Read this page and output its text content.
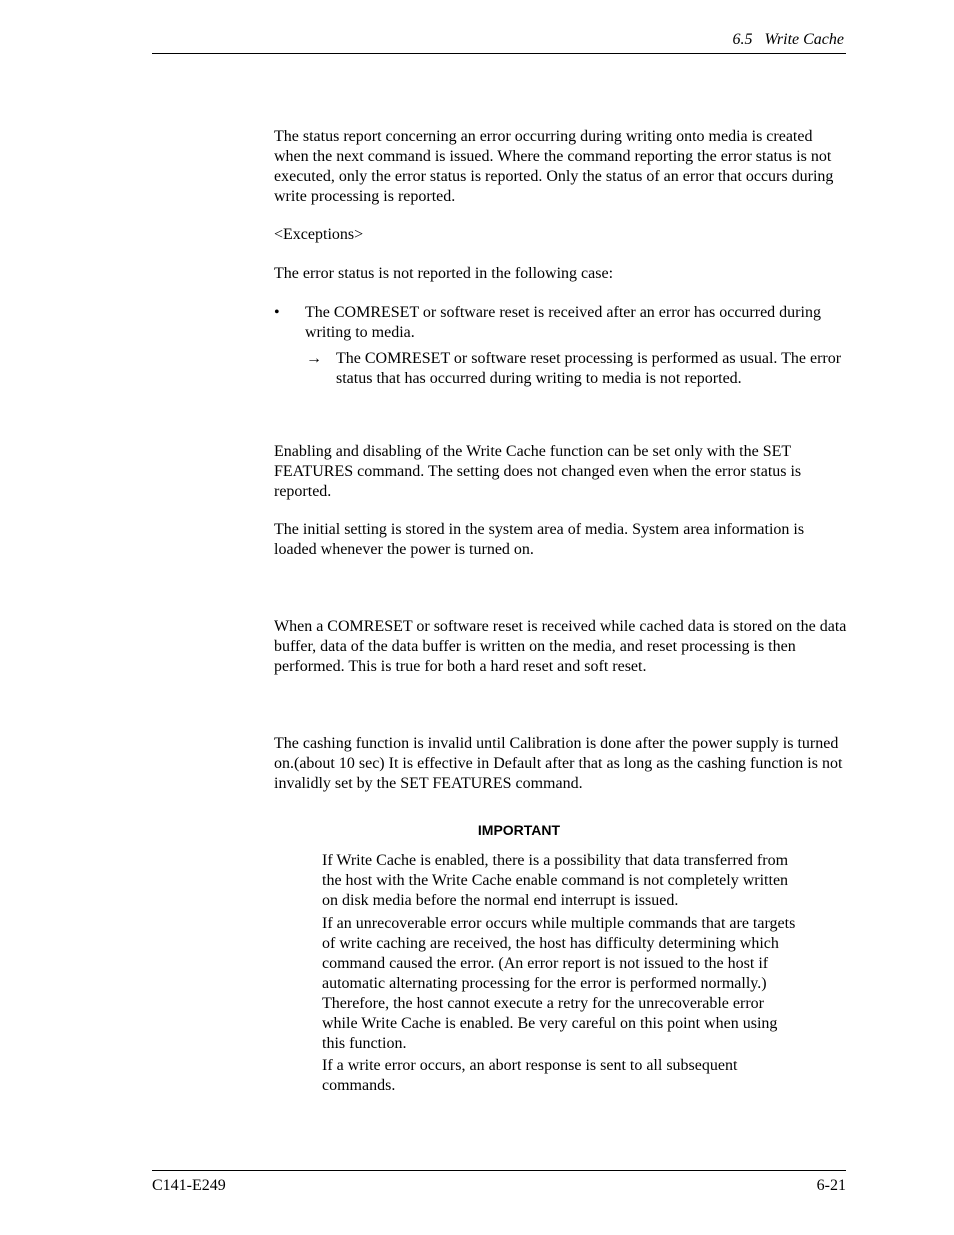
6.5   Write Cache
The status report concerning an error occurring during writing onto media is created when the next command is issued. Where the command reporting the error status is not executed, only the error status is reported. Only the status of an error that occurs during write processing is reported.
<Exceptions>
The error status is not reported in the following case:
• The COMRESET or software reset is received after an error has occurred during writing to media.
→ The COMRESET or software reset processing is performed as usual. The error status that has occurred during writing to media is not reported.
Enabling and disabling of the Write Cache function can be set only with the SET FEATURES command. The setting does not changed even when the error status is reported.
The initial setting is stored in the system area of media. System area information is loaded whenever the power is turned on.
When a COMRESET or software reset is received while cached data is stored on the data buffer, data of the data buffer is written on the media, and reset processing is then performed. This is true for both a hard reset and soft reset.
The cashing function is invalid until Calibration is done after the power supply is turned on.(about 10 sec) It is effective in Default after that as long as the cashing function is not invalidly set by the SET FEATURES command.
IMPORTANT
If Write Cache is enabled, there is a possibility that data transferred from the host with the Write Cache enable command is not completely written on disk media before the normal end interrupt is issued.
If an unrecoverable error occurs while multiple commands that are targets of write caching are received, the host has difficulty determining which command caused the error. (An error report is not issued to the host if automatic alternating processing for the error is performed normally.) Therefore, the host cannot execute a retry for the unrecoverable error while Write Cache is enabled. Be very careful on this point when using this function.
If a write error occurs, an abort response is sent to all subsequent commands.
C141-E249	6-21
